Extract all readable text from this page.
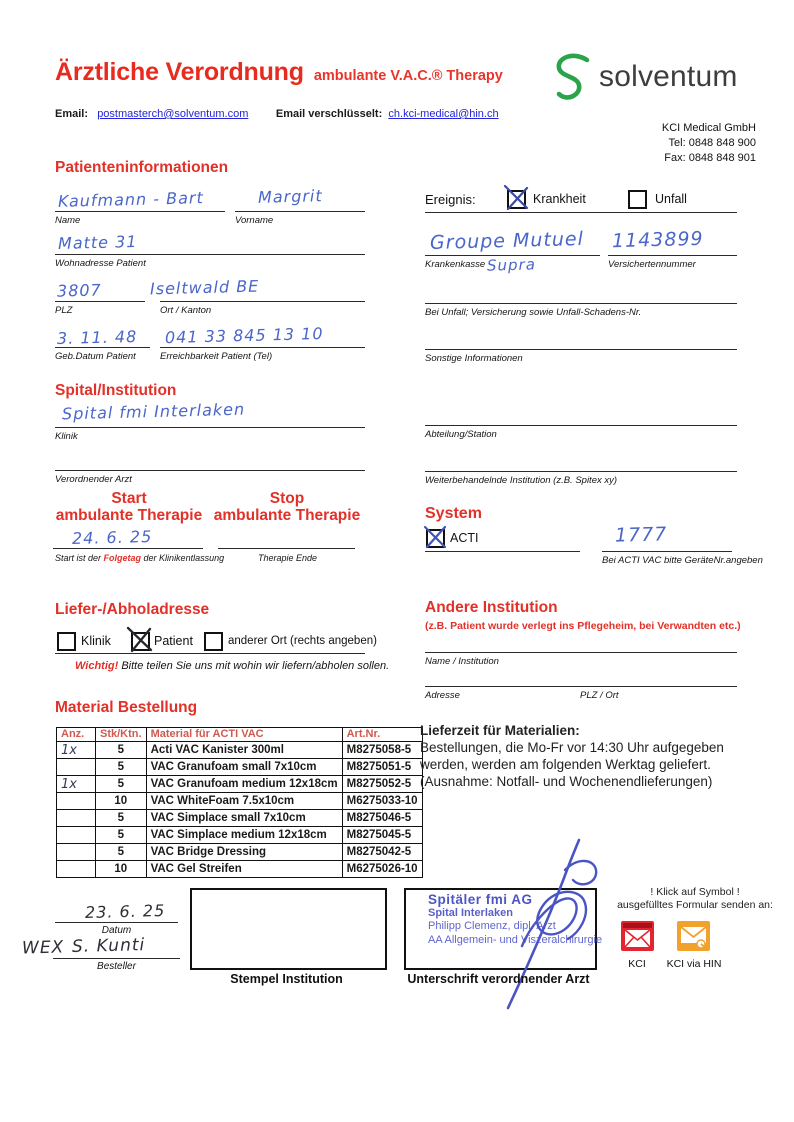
Ärztliche Verordnung ambulante V.A.C.® Therapy	solventum
Email: postmasterch@solventum.com	Email verschlüsselt: ch.kci-medical@hin.ch
KCI Medical GmbH
Tel: 0848 848 900
Fax: 0848 848 901
Patienteninformationen
Kaufmann - Bart	Margrit
Name	Vorname
Matte 31
Wohnadresse Patient
3807	Iseltwald BE
PLZ	Ort / Kanton
3. 11. 48 041 33 845 13 10
Geb.Datum Patient	Erreichbarkeit Patient (Tel)
Ereignis:	Krankheit	Unfall
Groupe Mutuel
Supra
1143899
Krankenkasse	Versichertennummer
Bei Unfall; Versicherung sowie Unfall-Schadens-Nr.
Sonstige Informationen
Spital/Institution
Spital fmi Interlaken
Klinik
Verordnender Arzt
Abteilung/Station
Weiterbehandelnde Institution (z.B. Spitex xy)
Start
ambulante Therapie
Stop
ambulante Therapie
24. 6. 25
Start ist der Folgetag der Klinikentlassung	Therapie Ende
System
ACTI	1777
Bei ACTI VAC bitte GeräteNr.angeben
Liefer-/Abholadresse
Klinik	Patient	anderer Ort (rechts angeben)
Wichtig! Bitte teilen Sie uns mit wohin wir liefern/abholen sollen.
Andere Institution
(z.B. Patient wurde verlegt ins Pflegeheim, bei Verwandten etc.)
Name / Institution
Adresse	PLZ / Ort
Material Bestellung
Anz.	Stk/Ktn.	Material für ACTI VAC	Art.Nr.
1x	5	Acti VAC Kanister 300ml	M8275058-5
	5	VAC Granufoam small 7x10cm	M8275051-5
1x	5	VAC Granufoam medium 12x18cm	M8275052-5
	10	VAC WhiteFoam 7.5x10cm	M6275033-10
	5	VAC Simplace small 7x10cm	M8275046-5
	5	VAC Simplace medium 12x18cm	M8275045-5
	5	VAC Bridge Dressing	M8275042-5
	10	VAC Gel Streifen	M6275026-10
Lieferzeit für Materialien:
Bestellungen, die Mo-Fr vor 14:30 Uhr aufgegeben
werden, werden am folgenden Werktag geliefert.
(Ausnahme: Notfall- und Wochenendlieferungen)
23. 6. 25
Datum
WEX S. Kunti
Besteller
Stempel Institution
Spitäler fmi AG
Spital Interlaken
Philipp Clemenz, dipl. Arzt
AA Allgemein- und Viszeralchirurgie
Unterschrift verordnender Arzt
! Klick auf Symbol !
ausgefülltes Formular senden an:
KCI	KCI via HIN
